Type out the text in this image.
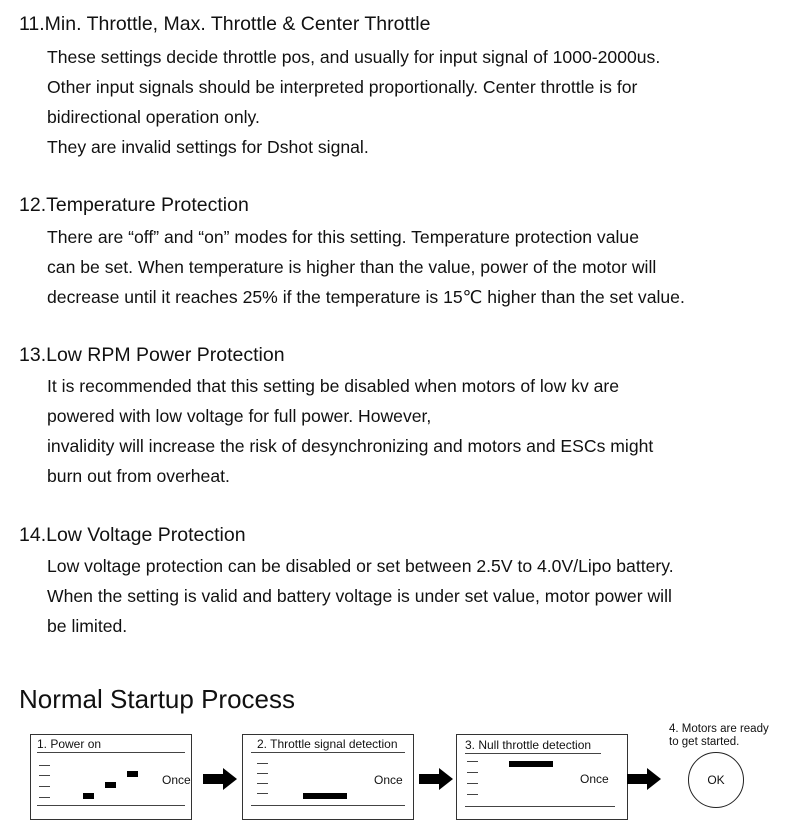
11.Min. Throttle, Max. Throttle & Center Throttle

These settings decide throttle pos, and usually for input signal of 1000-2000us.

Other input signals should be interpreted proportionally. Center throttle is for

bidirectional operation only.

They are invalid settings for Dshot signal.

12.Temperature Protection

There are “off” and “on” modes for this setting. Temperature protection value

can be set. When temperature is higher than the value, power of the motor will

decrease until it reaches 25% if the temperature is 15℃ higher than the set value.

13.Low RPM Power Protection

It is recommended that this setting be disabled when motors of low kv are

powered with low voltage for full power. However,

invalidity will increase the risk of desynchronizing and motors and ESCs might

burn out from overheat.

14.Low Voltage Protection

Low voltage protection can be disabled or set between 2.5V to 4.0V/Lipo battery.

When the setting is valid and battery voltage is under set value, motor power will

be limited.

Normal Startup Process
1. Power on
Once
2. Throttle signal detection
Once
3. Null throttle detection
Once
4. Motors are ready
to get started.
OK
